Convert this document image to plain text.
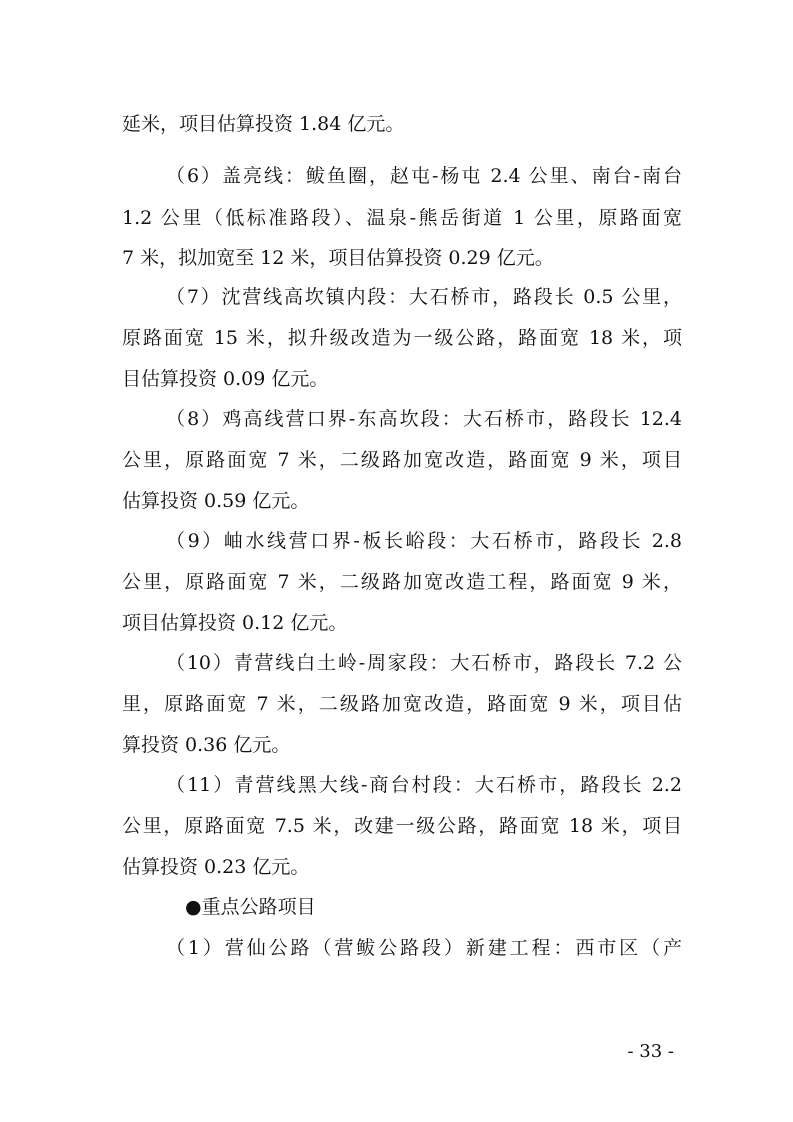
延米，项目估算投资 1.84 亿元。
（6）盖亮线：鲅鱼圈，赵屯-杨屯 2.4 公里、南台-南台
1.2 公里（低标准路段）、温泉-熊岳街道 1 公里，原路面宽
7 米，拟加宽至 12 米，项目估算投资 0.29 亿元。
（7）沈营线高坎镇内段：大石桥市，路段长 0.5 公里，
原路面宽 15 米，拟升级改造为一级公路，路面宽 18 米，项
目估算投资 0.09 亿元。
（8）鸡高线营口界-东高坎段：大石桥市，路段长 12.4
公里，原路面宽 7 米，二级路加宽改造，路面宽 9 米，项目
估算投资 0.59 亿元。
（9）岫水线营口界-板长峪段：大石桥市，路段长 2.8
公里，原路面宽 7 米，二级路加宽改造工程，路面宽 9 米，
项目估算投资 0.12 亿元。
（10）青营线白土岭-周家段：大石桥市，路段长 7.2 公
里，原路面宽 7 米，二级路加宽改造，路面宽 9 米，项目估
算投资 0.36 亿元。
（11）青营线黑大线-商台村段：大石桥市，路段长 2.2
公里，原路面宽 7.5 米，改建一级公路，路面宽 18 米，项目
估算投资 0.23 亿元。
●重点公路项目
（1）营仙公路（营鲅公路段）新建工程：西市区（产
- 33 -
